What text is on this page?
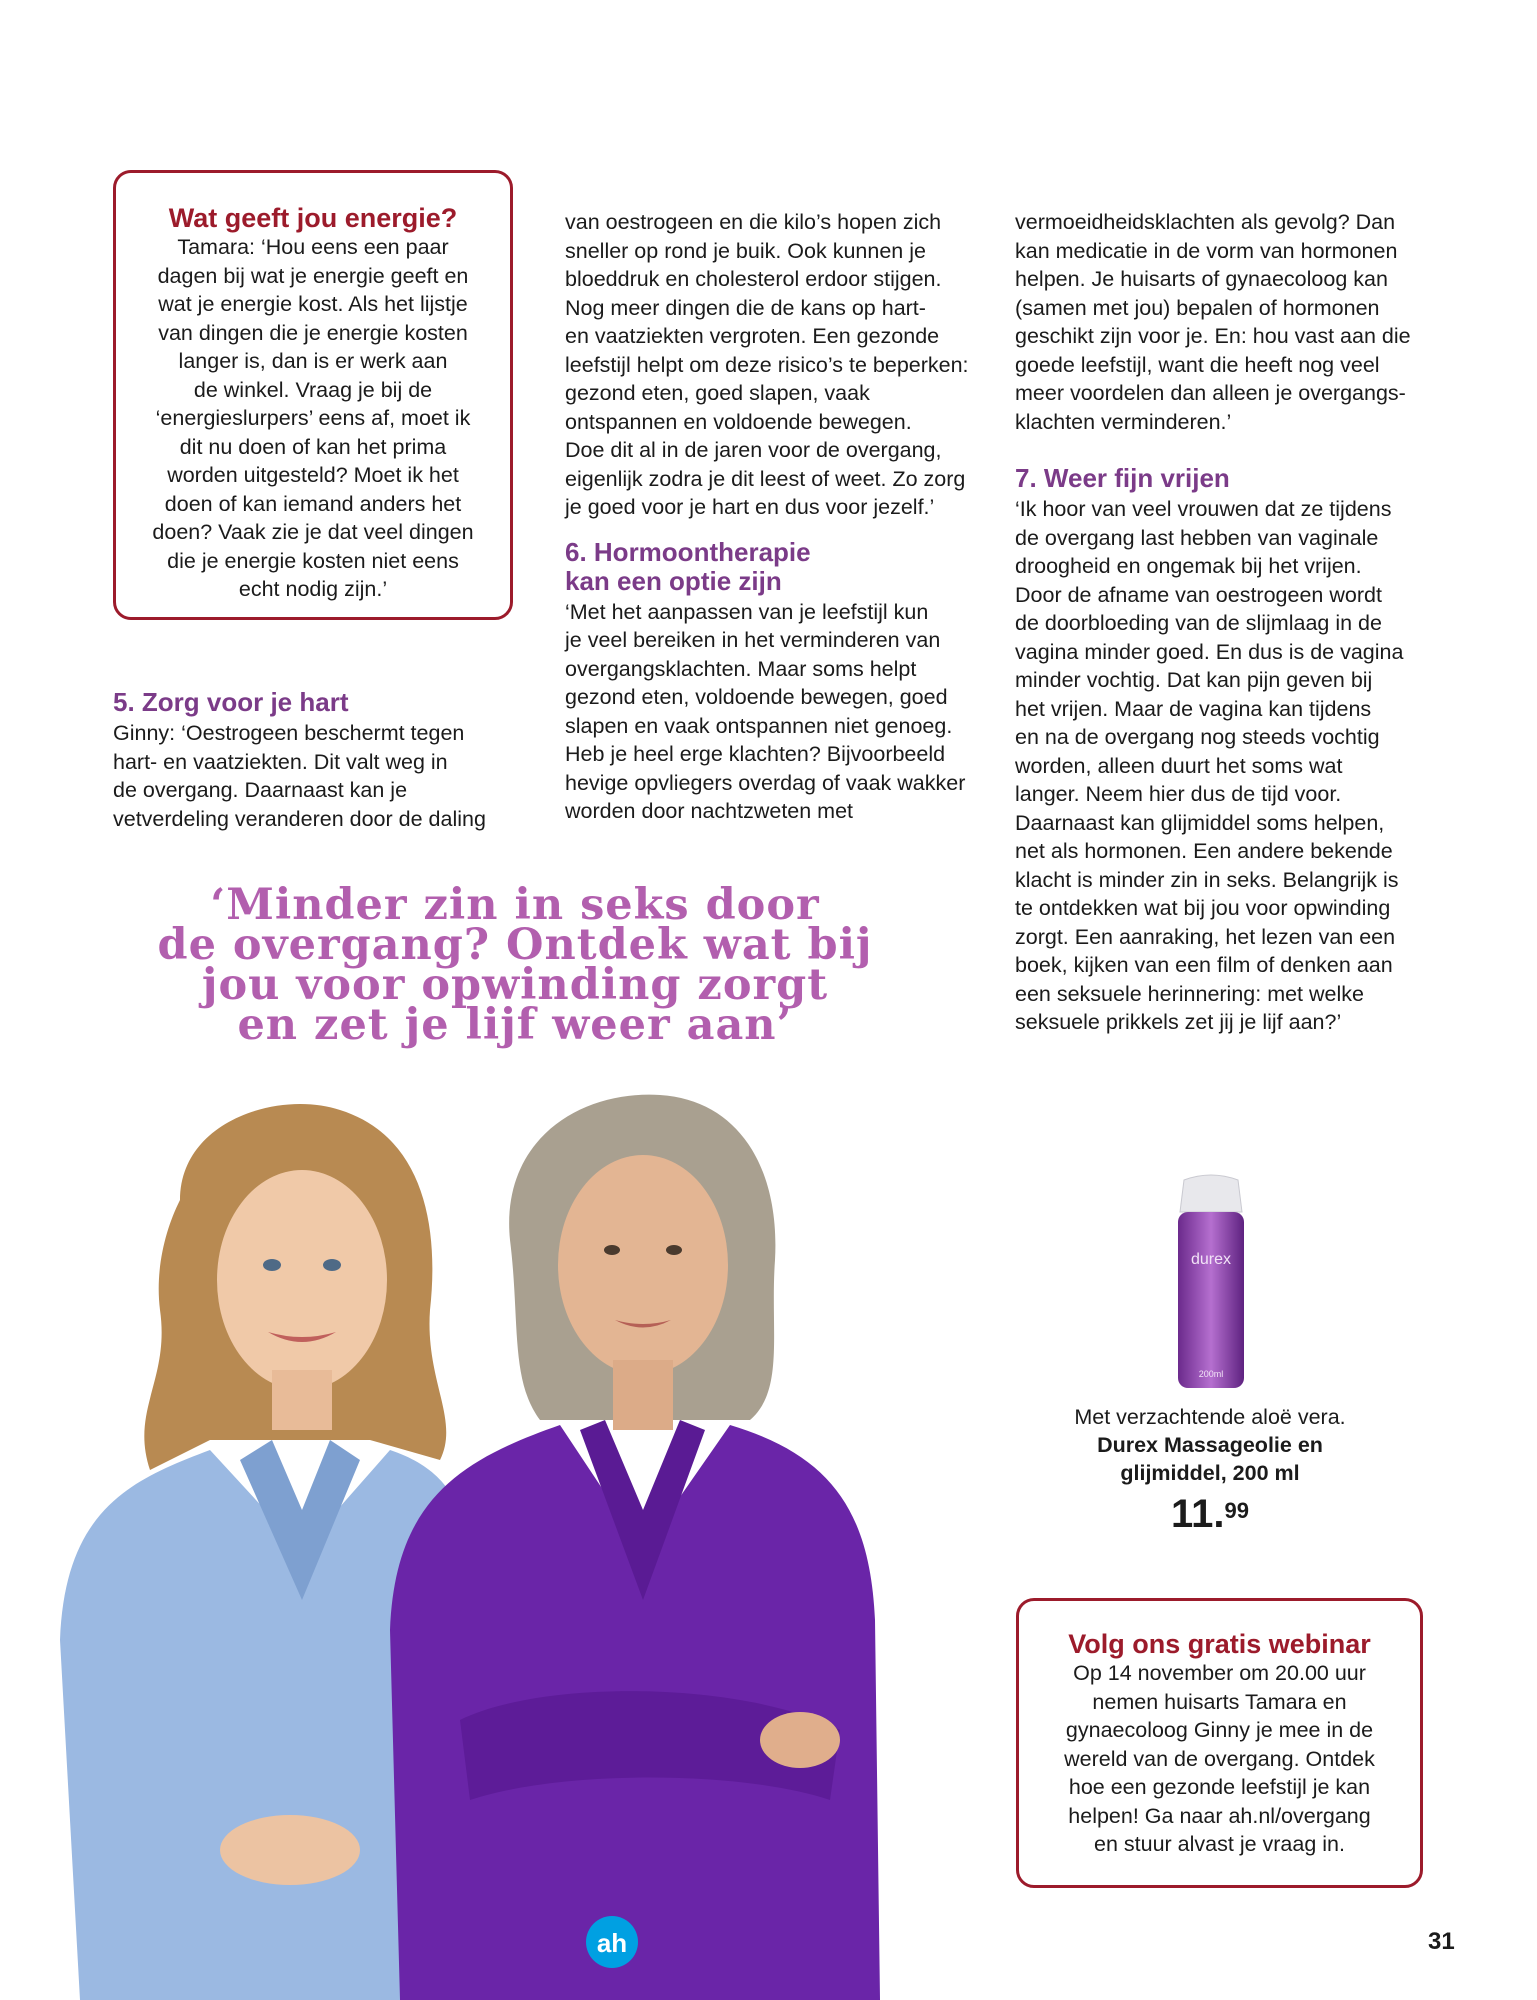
Wat geeft jou energie?

Tamara: ‘Hou eens een paar

dagen bij wat je energie geeft en

wat je energie kost. Als het lijstje

van dingen die je energie kosten

langer is, dan is er werk aan

de winkel. Vraag je bij de

‘energieslurpers’ eens af, moet ik

dit nu doen of kan het prima

worden uitgesteld? Moet ik het

doen of kan iemand anders het

doen? Vaak zie je dat veel dingen

die je energie kosten niet eens

echt nodig zijn.’

5. Zorg voor je hart

Ginny: ‘Oestrogeen beschermt tegen

hart- en vaatziekten. Dit valt weg in

de overgang. Daarnaast kan je

vetverdeling veranderen door de daling

van oestrogeen en die kilo’s hopen zich

sneller op rond je buik. Ook kunnen je

bloeddruk en cholesterol erdoor stijgen.

Nog meer dingen die de kans op hart-

en vaatziekten vergroten. Een gezonde

leefstijl helpt om deze risico’s te beperken:

gezond eten, goed slapen, vaak

ontspannen en voldoende bewegen.

Doe dit al in de jaren voor de overgang,

eigenlijk zodra je dit leest of weet. Zo zorg

je goed voor je hart en dus voor jezelf.’

6. Hormoontherapie
kan een optie zijn

‘Met het aanpassen van je leefstijl kun

je veel bereiken in het verminderen van

overgangsklachten. Maar soms helpt

gezond eten, voldoende bewegen, goed

slapen en vaak ontspannen niet genoeg.

Heb je heel erge klachten? Bijvoorbeeld

hevige opvliegers overdag of vaak wakker

worden door nachtzweten met

vermoeidheidsklachten als gevolg? Dan

kan medicatie in de vorm van hormonen

helpen. Je huisarts of gynaecoloog kan

(samen met jou) bepalen of hormonen

geschikt zijn voor je. En: hou vast aan die

goede leefstijl, want die heeft nog veel

meer voordelen dan alleen je overgangs-

klachten verminderen.’

7. Weer fijn vrijen

‘Ik hoor van veel vrouwen dat ze tijdens

de overgang last hebben van vaginale

droogheid en ongemak bij het vrijen.

Door de afname van oestrogeen wordt

de doorbloeding van de slijmlaag in de

vagina minder goed. En dus is de vagina

minder vochtig. Dat kan pijn geven bij

het vrijen. Maar de vagina kan tijdens

en na de overgang nog steeds vochtig

worden, alleen duurt het soms wat

langer. Neem hier dus de tijd voor.

Daarnaast kan glijmiddel soms helpen,

net als hormonen. Een andere bekende

klacht is minder zin in seks. Belangrijk is

te ontdekken wat bij jou voor opwinding

zorgt. Een aanraking, het lezen van een

boek, kijken van een film of denken aan

een seksuele herinnering: met welke

seksuele prikkels zet jij je lijf aan?’

‘Minder zin in seks door
de overgang? Ontdek wat bij
jou voor opwinding zorgt
en zet je lijf weer aan’
ah
durex
200ml
Met verzachtende aloë vera.
Durex Massageolie en
glijmiddel, 200 ml
11.99
Volg ons gratis webinar

Op 14 november om 20.00 uur

nemen huisarts Tamara en

gynaecoloog Ginny je mee in de

wereld van de overgang. Ontdek

hoe een gezonde leefstijl je kan

helpen! Ga naar ah.nl/overgang

en stuur alvast je vraag in.

31
